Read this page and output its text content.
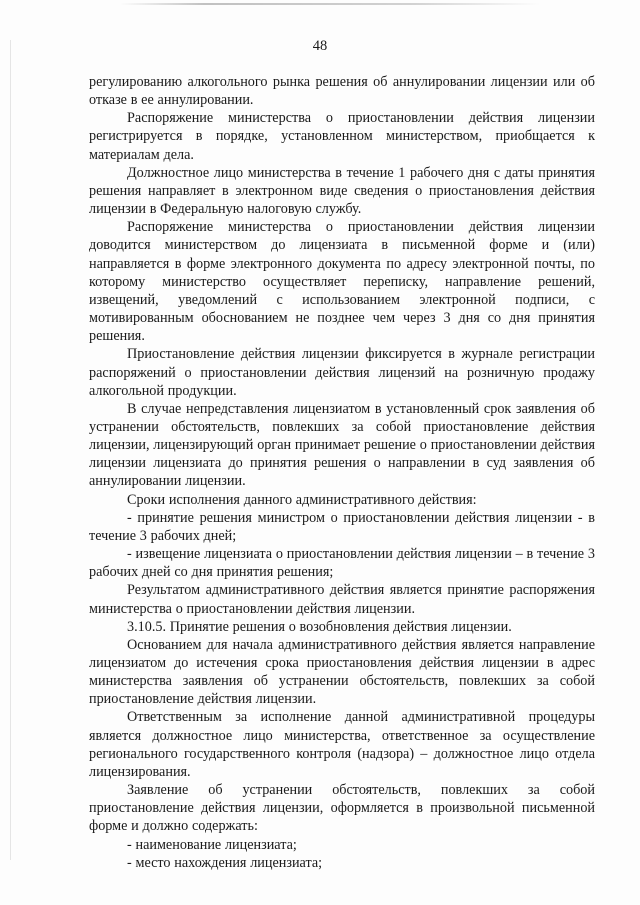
48

регулированию алкогольного рынка решения об аннулировании лицензии или об отказе в ее аннулировании.

Распоряжение министерства о приостановлении действия лицензии регистрируется в порядке, установленном министерством, приобщается к материалам дела.

Должностное лицо министерства в течение 1 рабочего дня с даты принятия решения направляет в электронном виде сведения о приостановления действия лицензии в Федеральную налоговую службу.

Распоряжение министерства о приостановлении действия лицензии доводится министерством до лицензиата в письменной форме и (или) направляется в форме электронного документа по адресу электронной почты, по которому министерство осуществляет переписку, направление решений, извещений, уведомлений с использованием электронной подписи, с мотивированным обоснованием не позднее чем через 3 дня со дня принятия решения.

Приостановление действия лицензии фиксируется в журнале регистрации распоряжений о приостановлении действия лицензий на розничную продажу алкогольной продукции.

В случае непредставления лицензиатом в установленный срок заявления об устранении обстоятельств, повлекших за собой приостановление действия лицензии, лицензирующий орган принимает решение о приостановлении действия лицензии лицензиата до принятия решения о направлении в суд заявления об аннулировании лицензии.

Сроки исполнения данного административного действия:

- принятие решения министром о приостановлении действия лицензии - в течение 3 рабочих дней;

- извещение лицензиата о приостановлении действия лицензии – в течение 3 рабочих дней со дня принятия решения;

Результатом административного действия является принятие распоряжения министерства о приостановлении действия лицензии.

3.10.5. Принятие решения о возобновления действия лицензии.

Основанием для начала административного действия является направление лицензиатом до истечения срока приостановления действия лицензии в адрес министерства заявления об устранении обстоятельств, повлекших за собой приостановление действия лицензии.

Ответственным за исполнение данной административной процедуры является должностное лицо министерства, ответственное за осуществление регионального государственного контроля (надзора) – должностное лицо отдела лицензирования.

Заявление об устранении обстоятельств, повлекших за собой приостановление действия лицензии, оформляется в произвольной письменной форме и должно содержать:

- наименование лицензиата;

- место нахождения лицензиата;
